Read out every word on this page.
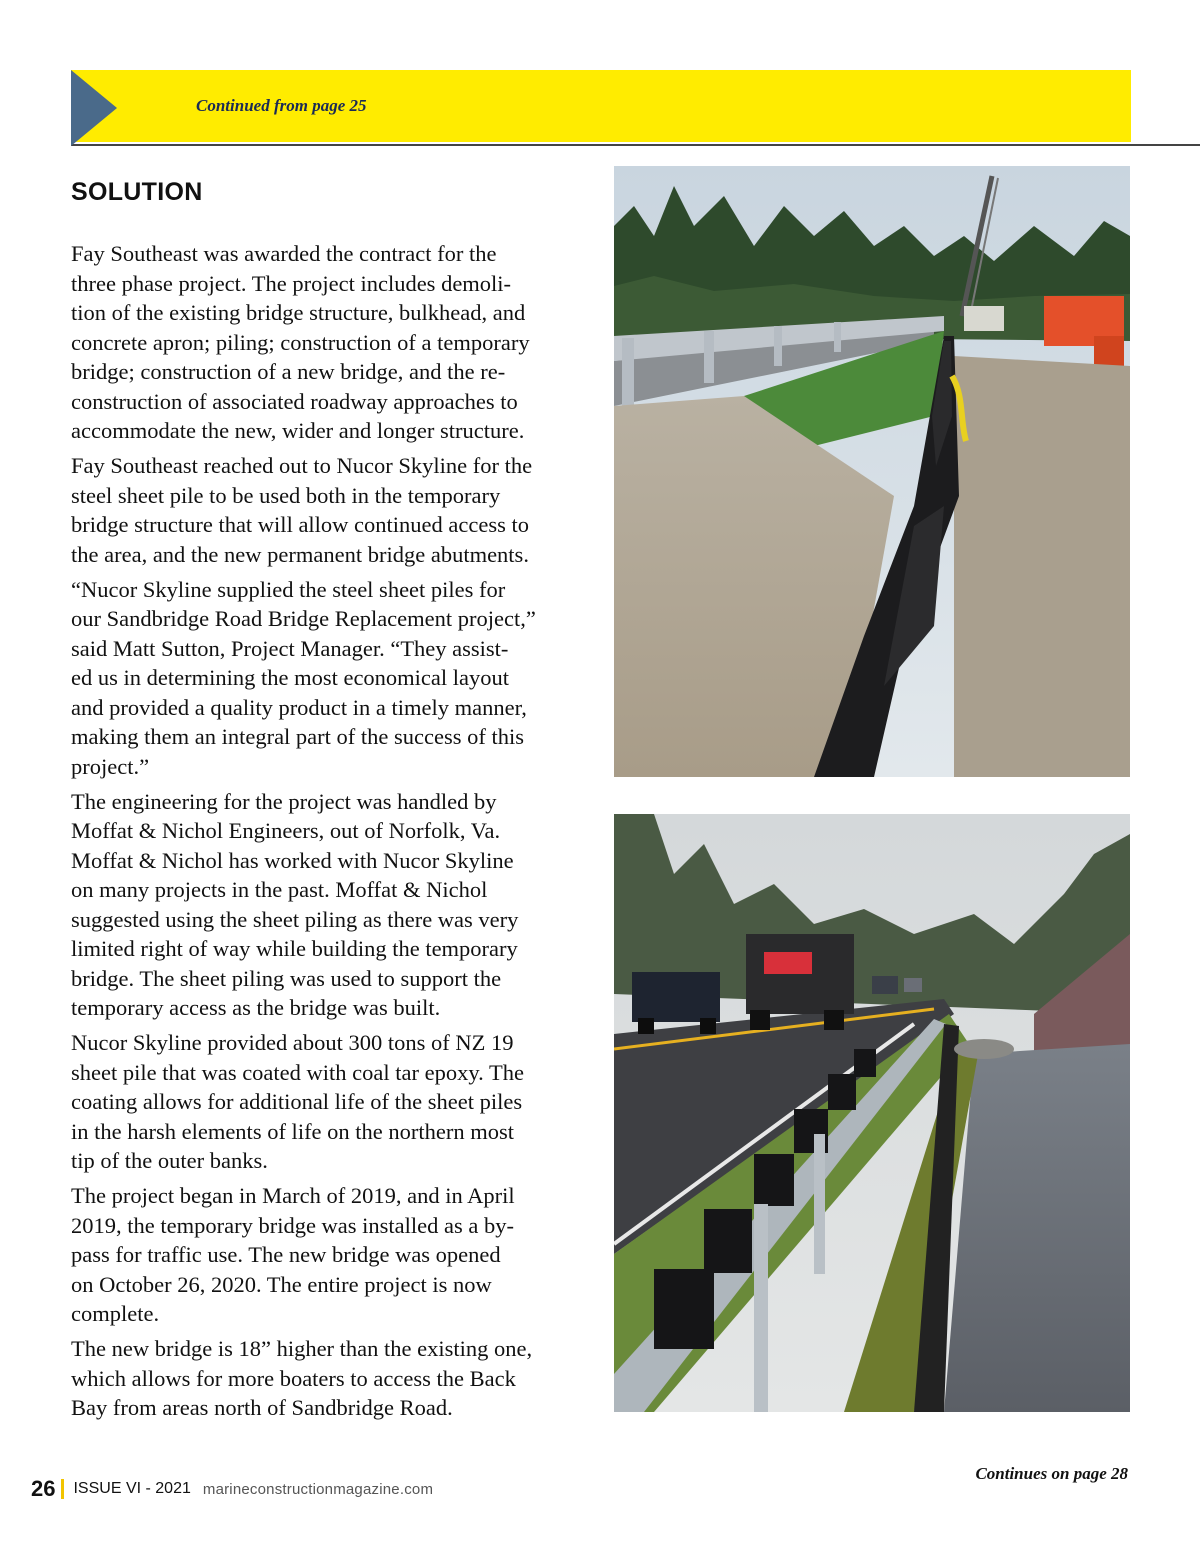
Continued from page 25
SOLUTION

Fay Southeast was awarded the contract for the
three phase project. The project includes demoli-
tion of the existing bridge structure, bulkhead, and
concrete apron; piling; construction of a temporary
bridge; construction of a new bridge, and the re-
construction of associated roadway approaches to
accommodate the new, wider and longer structure.

Fay Southeast reached out to Nucor Skyline for the
steel sheet pile to be used both in the temporary
bridge structure that will allow continued access to
the area, and the new permanent bridge abutments.

“Nucor Skyline supplied the steel sheet piles for
our Sandbridge Road Bridge Replacement project,”
said Matt Sutton, Project Manager. “They assist-
ed us in determining the most economical layout
and provided a quality product in a timely manner,
making them an integral part of the success of this
project.”

The engineering for the project was handled by
Moffat & Nichol Engineers, out of Norfolk, Va.
Moffat & Nichol has worked with Nucor Skyline
on many projects in the past. Moffat & Nichol
suggested using the sheet piling as there was very
limited right of way while building the temporary
bridge. The sheet piling was used to support the
temporary access as the bridge was built.

Nucor Skyline provided about 300 tons of NZ 19
sheet pile that was coated with coal tar epoxy. The
coating allows for additional life of the sheet piles
in the harsh elements of life on the northern most
tip of the outer banks.

The project began in March of 2019, and in April
2019, the temporary bridge was installed as a by-
pass for traffic use. The new bridge was opened
on October 26, 2020. The entire project is now
complete.

The new bridge is 18” higher than the existing one,
which allows for more boaters to access the Back
Bay from areas north of Sandbridge Road.

Continues on page 28
26 ISSUE VI - 2021 marineconstructionmagazine.com
